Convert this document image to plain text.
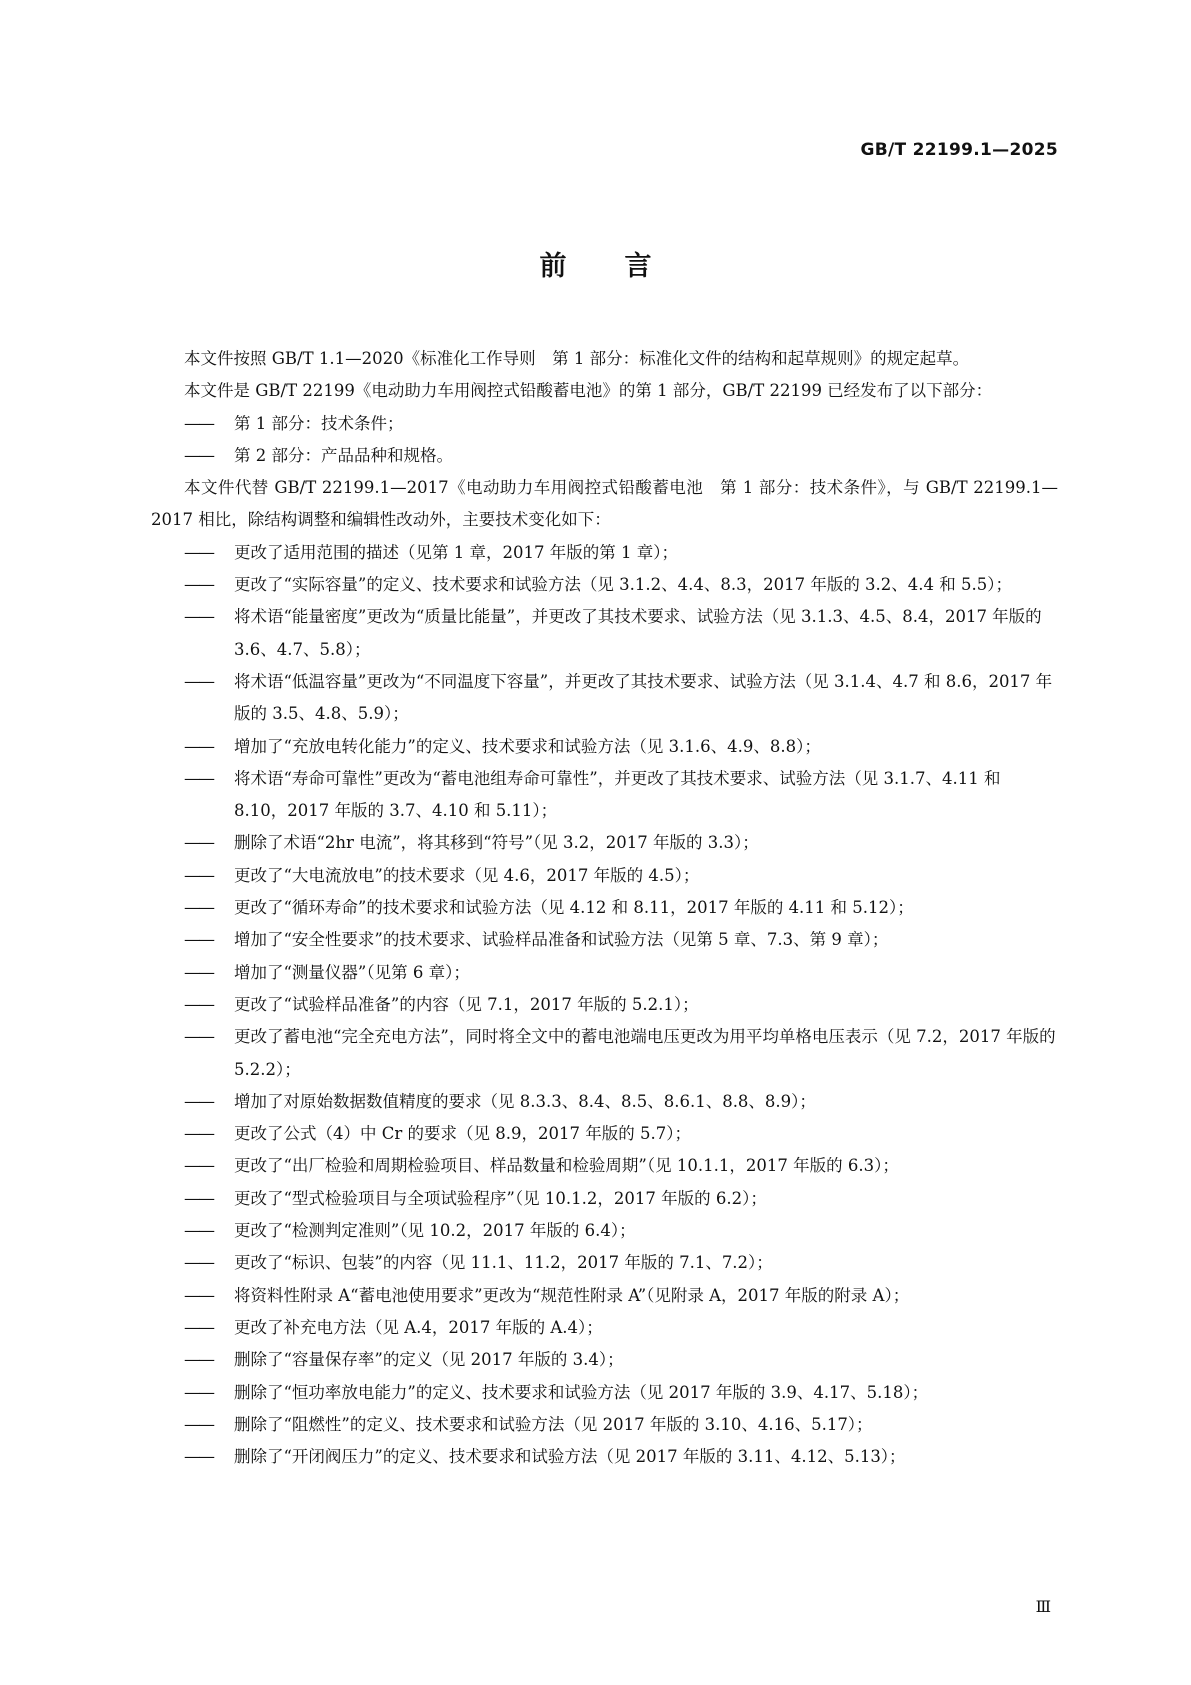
GB/T 22199.1—2025
前言

本文件按照 GB/T 1.1—2020《标准化工作导则　第 1 部分：标准化文件的结构和起草规则》的规定起草。

本文件是 GB/T 22199《电动助力车用阀控式铅酸蓄电池》的第 1 部分，GB/T 22199 已经发布了以下部分：

——	第 1 部分：技术条件；
——	第 2 部分：产品品种和规格。

本文件代替 GB/T 22199.1—2017《电动助力车用阀控式铅酸蓄电池　第 1 部分：技术条件》，与 GB/T 22199.1—2017 相比，除结构调整和编辑性改动外，主要技术变化如下：

——	更改了适用范围的描述（见第 1 章，2017 年版的第 1 章）；
——	更改了“实际容量”的定义、技术要求和试验方法（见 3.1.2、4.4、8.3，2017 年版的 3.2、4.4 和 5.5）；
——	将术语“能量密度”更改为“质量比能量”，并更改了其技术要求、试验方法（见 3.1.3、4.5、8.4，2017 年版的 3.6、4.7、5.8）；
——	将术语“低温容量”更改为“不同温度下容量”，并更改了其技术要求、试验方法（见 3.1.4、4.7 和 8.6，2017 年版的 3.5、4.8、5.9）；
——	增加了“充放电转化能力”的定义、技术要求和试验方法（见 3.1.6、4.9、8.8）；
——	将术语“寿命可靠性”更改为“蓄电池组寿命可靠性”，并更改了其技术要求、试验方法（见 3.1.7、4.11 和 8.10，2017 年版的 3.7、4.10 和 5.11）；
——	删除了术语“2hr 电流”，将其移到“符号”（见 3.2，2017 年版的 3.3）；
——	更改了“大电流放电”的技术要求（见 4.6，2017 年版的 4.5）；
——	更改了“循环寿命”的技术要求和试验方法（见 4.12 和 8.11，2017 年版的 4.11 和 5.12）；
——	增加了“安全性要求”的技术要求、试验样品准备和试验方法（见第 5 章、7.3、第 9 章）；
——	增加了“测量仪器”（见第 6 章）；
——	更改了“试验样品准备”的内容（见 7.1，2017 年版的 5.2.1）；
——	更改了蓄电池“完全充电方法”，同时将全文中的蓄电池端电压更改为用平均单格电压表示（见 7.2，2017 年版的 5.2.2）；
——	增加了对原始数据数值精度的要求（见 8.3.3、8.4、8.5、8.6.1、8.8、8.9）；
——	更改了公式（4）中 Cr 的要求（见 8.9，2017 年版的 5.7）；
——	更改了“出厂检验和周期检验项目、样品数量和检验周期”（见 10.1.1，2017 年版的 6.3）；
——	更改了“型式检验项目与全项试验程序”（见 10.1.2，2017 年版的 6.2）；
——	更改了“检测判定准则”（见 10.2，2017 年版的 6.4）；
——	更改了“标识、包装”的内容（见 11.1、11.2，2017 年版的 7.1、7.2）；
——	将资料性附录 A“蓄电池使用要求”更改为“规范性附录 A”（见附录 A，2017 年版的附录 A）；
——	更改了补充电方法（见 A.4，2017 年版的 A.4）；
——	删除了“容量保存率”的定义（见 2017 年版的 3.4）；
——	删除了“恒功率放电能力”的定义、技术要求和试验方法（见 2017 年版的 3.9、4.17、5.18）；
——	删除了“阻燃性”的定义、技术要求和试验方法（见 2017 年版的 3.10、4.16、5.17）；
——	删除了“开闭阀压力”的定义、技术要求和试验方法（见 2017 年版的 3.11、4.12、5.13）；
Ⅲ
